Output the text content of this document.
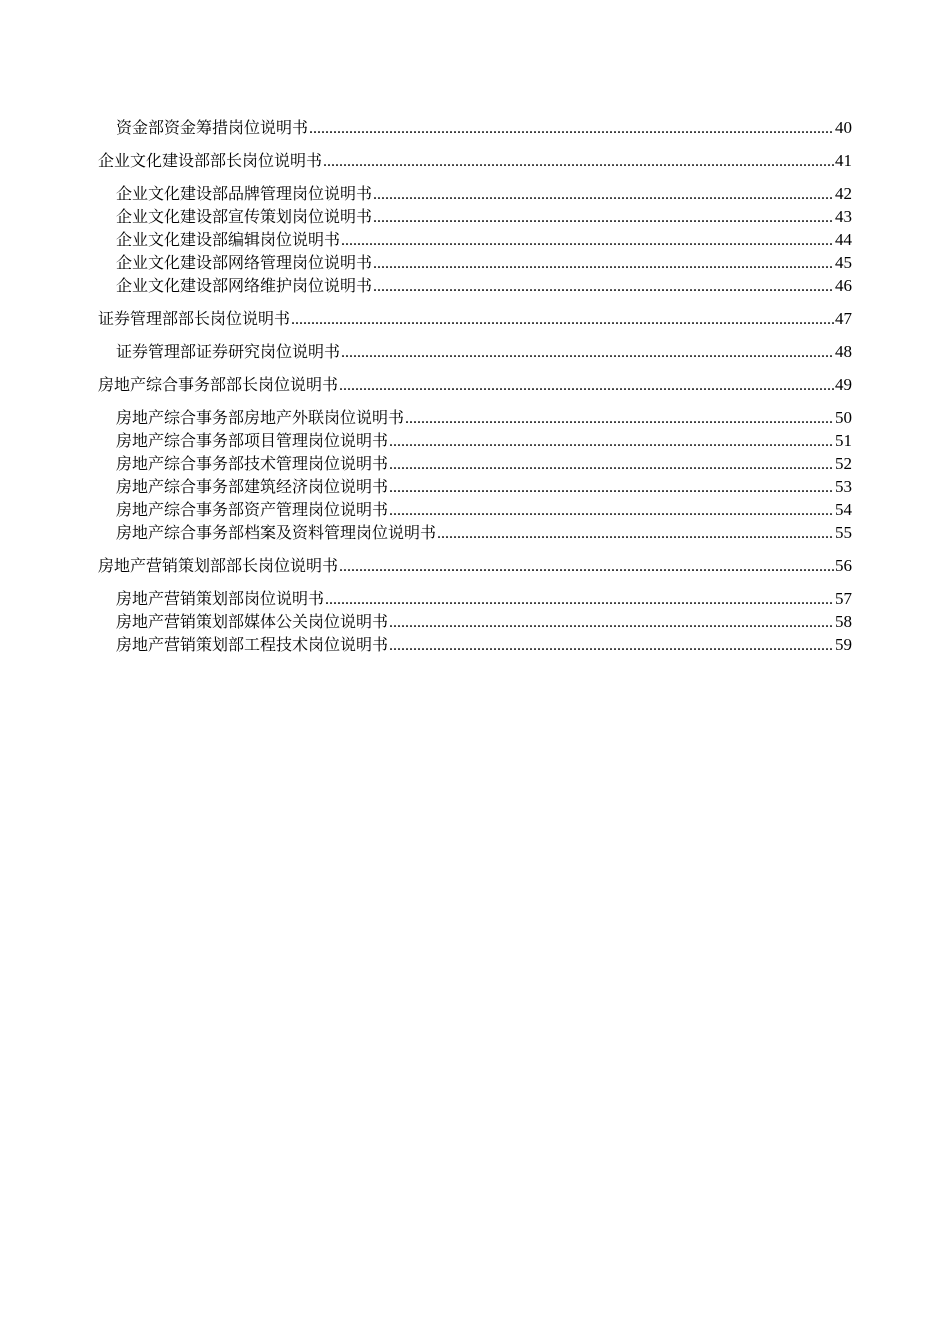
资金部资金筹措岗位说明书 .....	40
企业文化建设部部长岗位说明书 .....	41
企业文化建设部品牌管理岗位说明书 .....	42
企业文化建设部宣传策划岗位说明书 .....	43
企业文化建设部编辑岗位说明书 .....	44
企业文化建设部网络管理岗位说明书 .....	45
企业文化建设部网络维护岗位说明书 .....	46
证券管理部部长岗位说明书 .....	47
证券管理部证券研究岗位说明书 .....	48
房地产综合事务部部长岗位说明书 .....	49
房地产综合事务部房地产外联岗位说明书 .....	50
房地产综合事务部项目管理岗位说明书 .....	51
房地产综合事务部技术管理岗位说明书 .....	52
房地产综合事务部建筑经济岗位说明书 .....	53
房地产综合事务部资产管理岗位说明书 .....	54
房地产综合事务部档案及资料管理岗位说明书 .....	55
房地产营销策划部部长岗位说明书 .....	56
房地产营销策划部岗位说明书 .....	57
房地产营销策划部媒体公关岗位说明书 .....	58
房地产营销策划部工程技术岗位说明书 .....	59
